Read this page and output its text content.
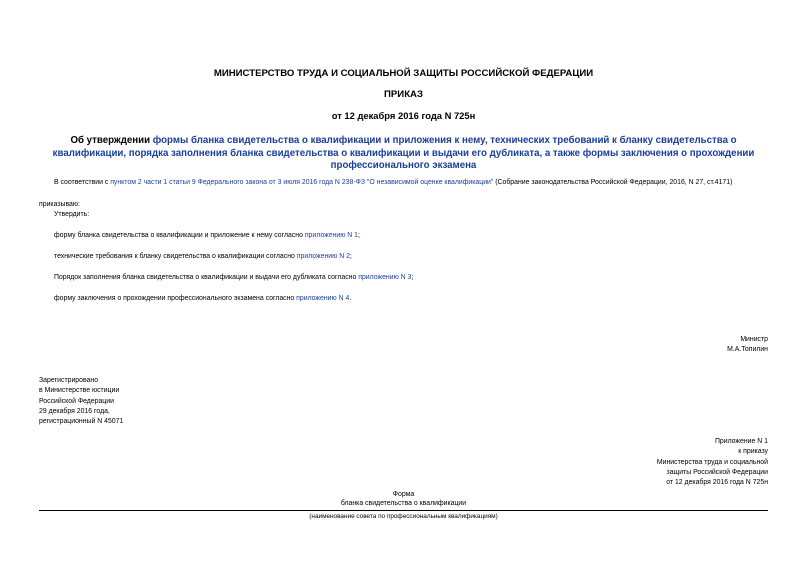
МИНИСТЕРСТВО ТРУДА И СОЦИАЛЬНОЙ ЗАЩИТЫ РОССИЙСКОЙ ФЕДЕРАЦИИ
ПРИКАЗ
от 12 декабря 2016 года N 725н
Об утверждении формы бланка свидетельства о квалификации и приложения к нему, технических требований к бланку свидетельства о квалификации, порядка заполнения бланка свидетельства о квалификации и выдачи его дубликата, а также формы заключения о прохождении профессионального экзамена
В соответствии с пунктом 2 части 1 статьи 9 Федерального закона от 3 июля 2016 года N 238-ФЗ "О независимой оценке квалификации" (Собрание законодательства Российской Федерации, 2016, N 27, ст.4171)
приказываю:
Утвердить:
форму бланка свидетельства о квалификации и приложение к нему согласно приложению N 1;
технические требования к бланку свидетельства о квалификации согласно приложению N 2;
Порядок заполнения бланка свидетельства о квалификации и выдачи его дубликата согласно приложению N 3;
форму заключения о прохождении профессионального экзамена согласно приложению N 4.
Министр
М.А.Топилин
Зарегистрировано
в Министерстве юстиции
Российской Федерации
29 декабря 2016 года,
регистрационный N 45071
Приложение N 1
к приказу
Министерства труда и социальной
защиты Российской Федерации
от 12 декабря 2016 года N 725н
Форма
бланка свидетельства о квалификации
(наименование совета по профессиональным квалификациям)
